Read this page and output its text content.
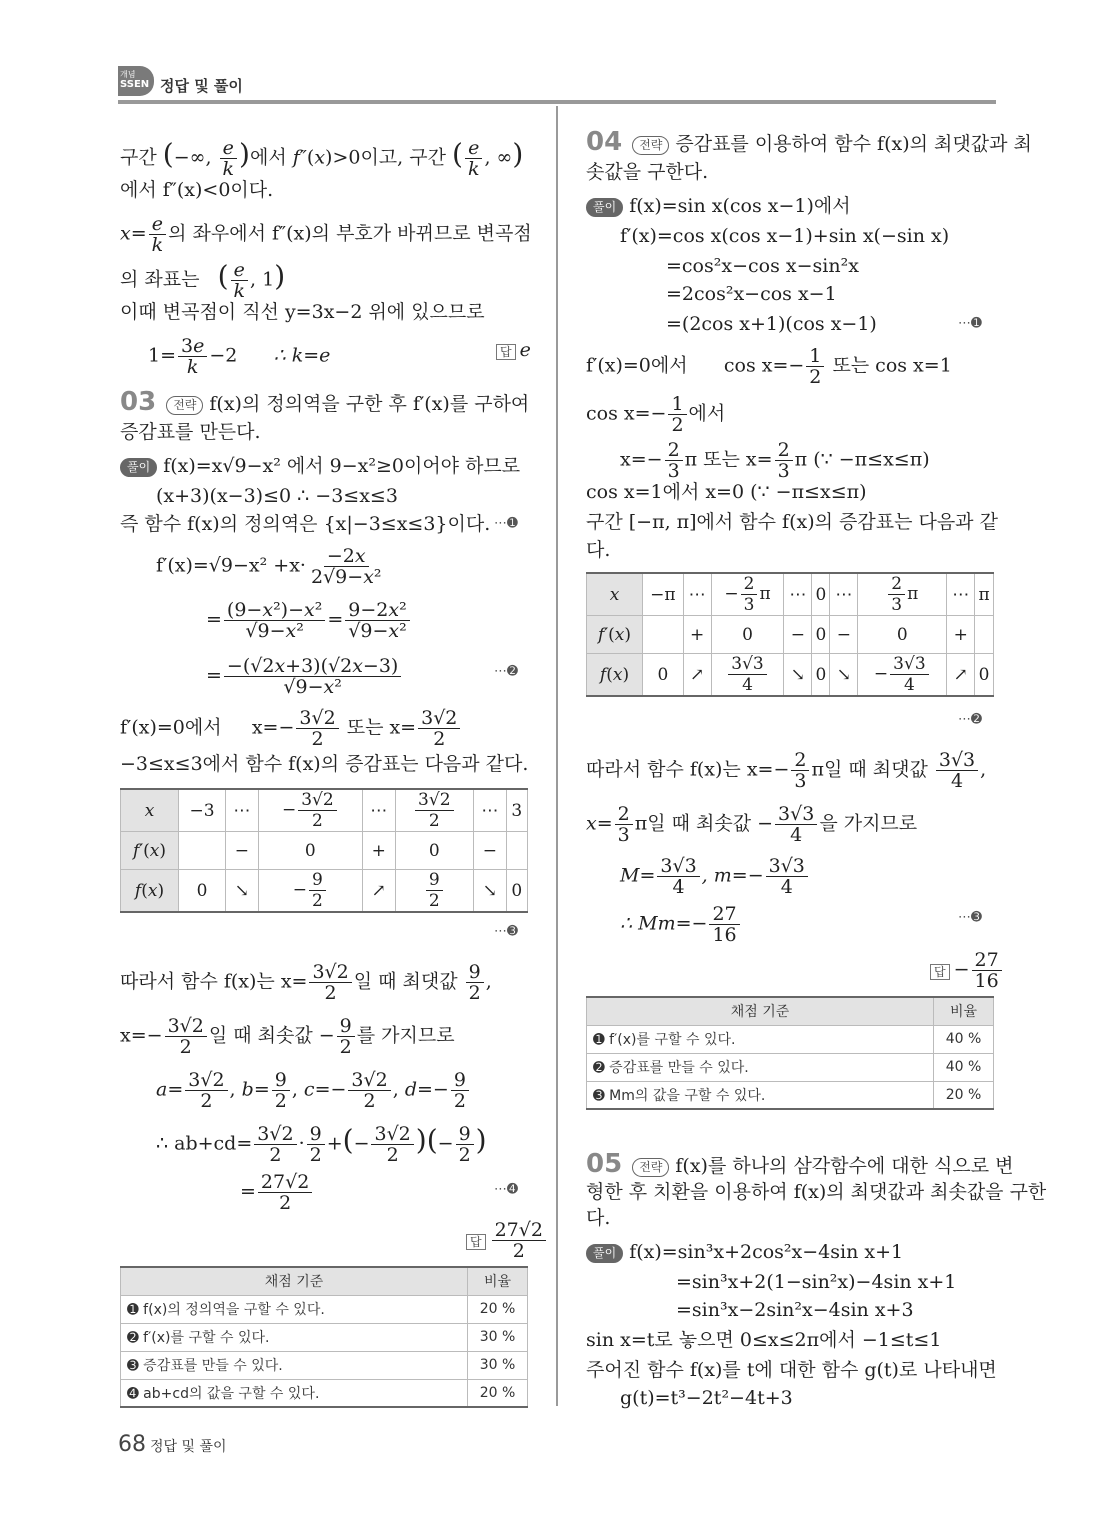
개념
SSEN 정답 및 풀이
구간 (−∞, $\frac{e}{k}$ )에서 f″(x)>0이고, 구간 ( $\frac{e}{k}$ , ∞)
에서 f″(x)<0이다.
$x= \frac{e}{k}$ 의 좌우에서 f″(x)의 부호가 바뀌므로 변곡점
의 좌표는 ( $\frac{e}{k}$ , 1)
이때 변곡점이 직선 y=3x−2 위에 있으므로
$1= \frac{3e}{k} -2$      ∴ k=e	답 e
03 전략 f(x)의 정의역을 구한 후 f′(x)를 구하여
증감표를 만든다.
풀이 f(x)=x√9−x² 에서 9−x²≥0이어야 하므로
(x+3)(x−3)≤0 ∴ −3≤x≤3
즉 함수 f(x)의 정의역은 {x|−3≤x≤3}이다. ⋯➊
$f'(x)=√9-x^2 +x\cdot \frac{-2x}{\text{2√9−x²}}$
= $\frac{\text{(9−x²)−x²}}{\text{√9−x²}} = \frac{\text{9−2x²}}{\text{√9−x²}}$
= $\frac{-(√2x+3)(√2x-3)}{\text{√9−x²}}$	⋯➋
f′(x)=0에서 $x=- \frac{3√2}{2}$ 또는 $x= \frac{3√2}{2}$
−3≤x≤3에서 함수 f(x)의 증감표는 다음과 같다.
x	−3	⋯	− $\frac{3√2}{2}$	⋯	$\frac{3√2}{2}$	⋯	3
f′(x)		−	0	+	0	−	
f(x)	0	↘	− $\frac{9}{2}$	↗	$\frac{9}{2}$	↘	0
⋯➌
따라서 함수 f(x)는 $x= \frac{3√2}{2}$ 일 때 최댓값 $\frac{9}{2}$ ,
$x=- \frac{3√2}{2}$ 일 때 최솟값 − $\frac{9}{2}$ 를 가지므로
$a= \frac{3√2}{2}$ , $b= \frac{9}{2}$ , $c=- \frac{3√2}{2}$ , $d=- \frac{9}{2}$
∴ $ab+cd= \frac{3√2}{2} \cdot \frac{9}{2}$ +(− $\frac{3√2}{2}$ )(− $\frac{9}{2}$ )
= $\frac{27√2}{2}$	⋯➍
답 $\frac{27√2}{2}$
채점 기준	비율
➊ f(x)의 정의역을 구할 수 있다.	20 %
➋ f′(x)를 구할 수 있다.	30 %
➌ 증감표를 만들 수 있다.	30 %
➍ ab+cd의 값을 구할 수 있다.	20 %
04 전략 증감표를 이용하여 함수 f(x)의 최댓값과 최
솟값을 구한다.
풀이 f(x)=sin x(cos x−1)에서
f′(x)=cos x(cos x−1)+sin x(−sin x)
=cos²x−cos x−sin²x
=2cos²x−cos x−1
=(2cos x+1)(cos x−1)	⋯➊
f′(x)=0에서 $\cos x=- \frac{1}{2}$ 또는 cos x=1
$\cos x=- \frac{1}{2}$ 에서
$x=- \frac{2}{3}$ π 또는 $x= \frac{2}{3}$ π (∵ −π≤x≤π)
cos x=1에서 x=0 (∵ −π≤x≤π)
구간 [−π, π]에서 함수 f(x)의 증감표는 다음과 같
다.
x	−π	⋯	− $\frac{2}{3}$ π	⋯	0	⋯	$\frac{2}{3}$ π	⋯	π
f′(x)		+	0	−	0	−	0	+	
f(x)	0	↗	$\frac{3√3}{4}$	↘	0	↘	− $\frac{3√3}{4}$	↗	0
⋯➋
따라서 함수 f(x)는 $x=- \frac{2}{3}$ π일 때 최댓값 $\frac{3√3}{4}$ ,
$x= \frac{2}{3}$ π일 때 최솟값 − $\frac{3√3}{4}$ 을 가지므로
$M= \frac{3√3}{4}$ , $m=- \frac{3√3}{4}$
∴ $Mm=- \frac{27}{16}$	⋯➌
답 − $\frac{27}{16}$
채점 기준	비율
➊ f′(x)를 구할 수 있다.	40 %
➋ 증감표를 만들 수 있다.	40 %
➌ Mm의 값을 구할 수 있다.	20 %
05 전략 f(x)를 하나의 삼각함수에 대한 식으로 변
형한 후 치환을 이용하여 f(x)의 최댓값과 최솟값을 구한
다.
풀이 f(x)=sin³x+2cos²x−4sin x+1
=sin³x+2(1−sin²x)−4sin x+1
=sin³x−2sin²x−4sin x+3
sin x=t로 놓으면 0≤x≤2π에서 −1≤t≤1
주어진 함수 f(x)를 t에 대한 함수 g(t)로 나타내면
g(t)=t³−2t²−4t+3
68 정답 및 풀이
